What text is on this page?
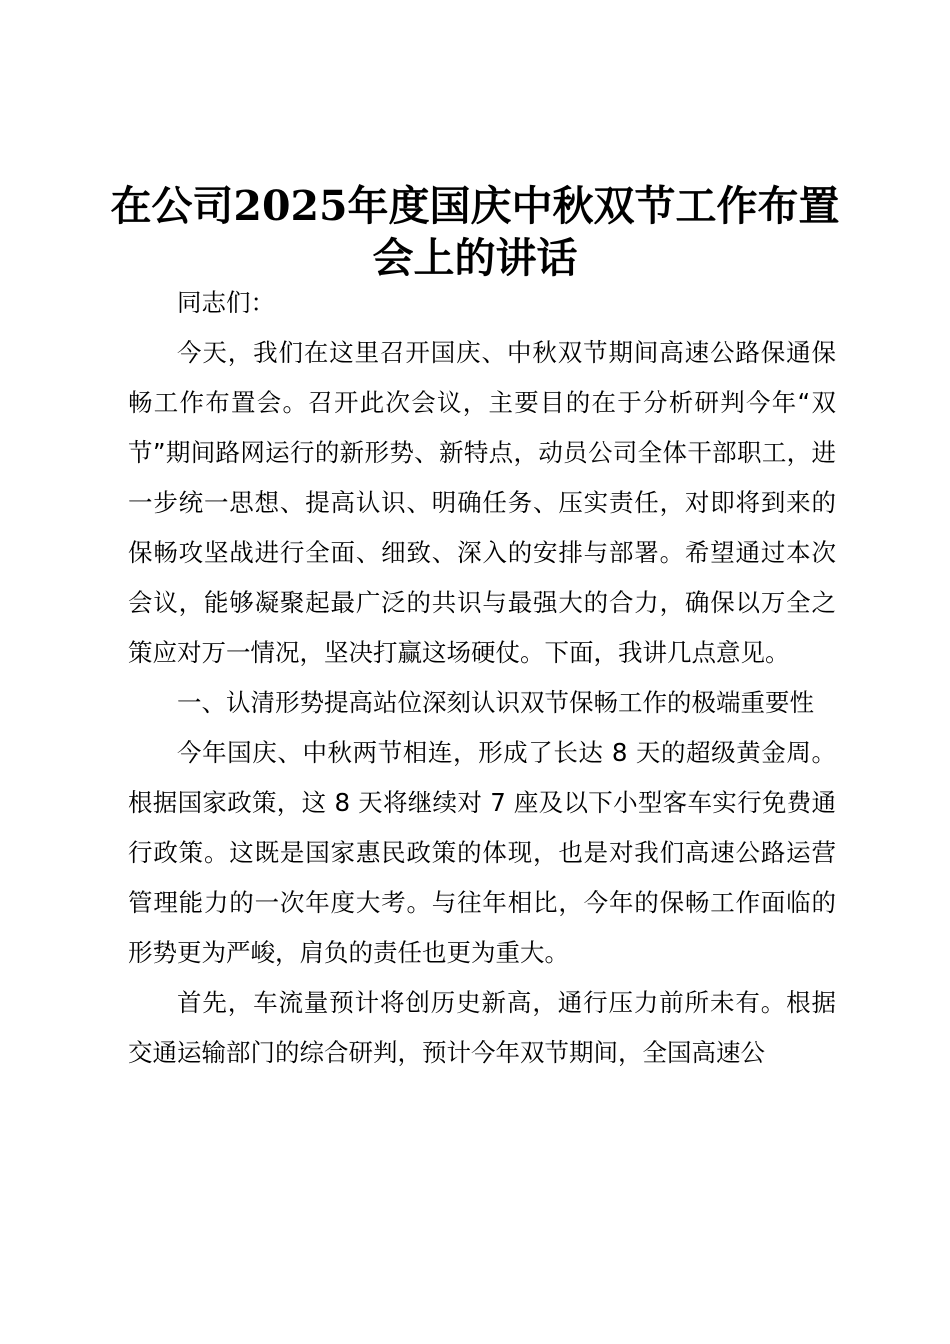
在公司2025年度国庆中秋双节工作布置会上的讲话

同志们：

今天，我们在这里召开国庆、中秋双节期间高速公路保通保畅工作布置会。召开此次会议，主要目的在于分析研判今年“双节”期间路网运行的新形势、新特点，动员公司全体干部职工，进一步统一思想、提高认识、明确任务、压实责任，对即将到来的保畅攻坚战进行全面、细致、深入的安排与部署。希望通过本次会议，能够凝聚起最广泛的共识与最强大的合力，确保以万全之策应对万一情况，坚决打赢这场硬仗。下面，我讲几点意见。

一、认清形势提高站位深刻认识双节保畅工作的极端重要性

今年国庆、中秋两节相连，形成了长达 8 天的超级黄金周。根据国家政策，这 8 天将继续对 7 座及以下小型客车实行免费通行政策。这既是国家惠民政策的体现，也是对我们高速公路运营管理能力的一次年度大考。与往年相比，今年的保畅工作面临的形势更为严峻，肩负的责任也更为重大。

首先，车流量预计将创历史新高，通行压力前所未有。根据交通运输部门的综合研判，预计今年双节期间，全国高速公
